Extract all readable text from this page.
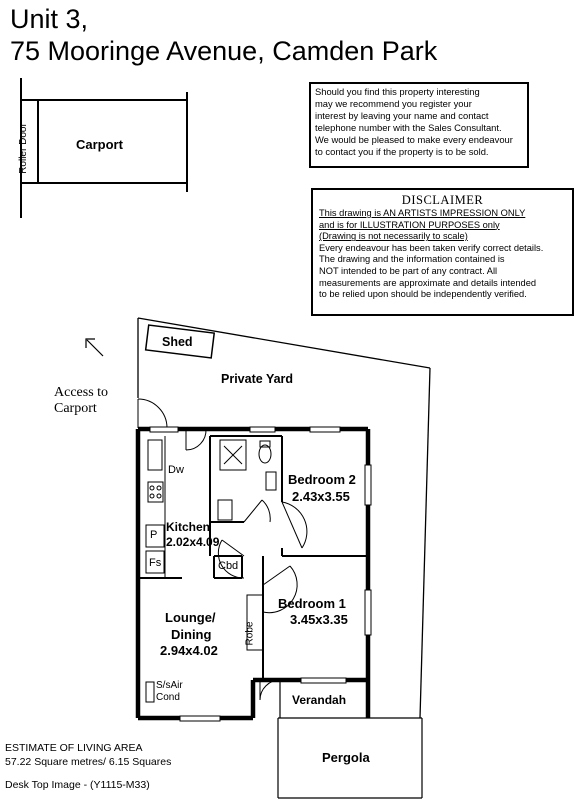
Unit 3,
75 Mooringe Avenue, Camden Park
Should you find this property interesting
may we recommend you register your
interest by leaving your name and contact
telephone number with the Sales Consultant.
We would be pleased to make every endeavour
to contact you if the property is to be sold.
DISCLAIMER
This drawing is AN ARTISTS IMPRESSION ONLY
and is for ILLUSTRATION PURPOSES only
(Drawing is not necessarily to scale)
Every endeavour has been taken verify correct details.
The drawing and the information contained is
NOT intended to be part of any contract. All
measurements are approximate and details intended
to be relied upon should be independently verified.
Carport
Roller Door
Shed
Private Yard
Access to
Carport
Dw
Kitchen
2.02x4.09
P
Fs	Cbd
Bedroom 2
2.43x3.55
Bedroom 1
3.45x3.35
Robe
Lounge/
Dining
2.94x4.02
S/sAir
Cond	Verandah
Pergola
ESTIMATE OF LIVING AREA
57.22 Square metres/ 6.15 Squares
Desk Top Image - (Y1115-M33)
